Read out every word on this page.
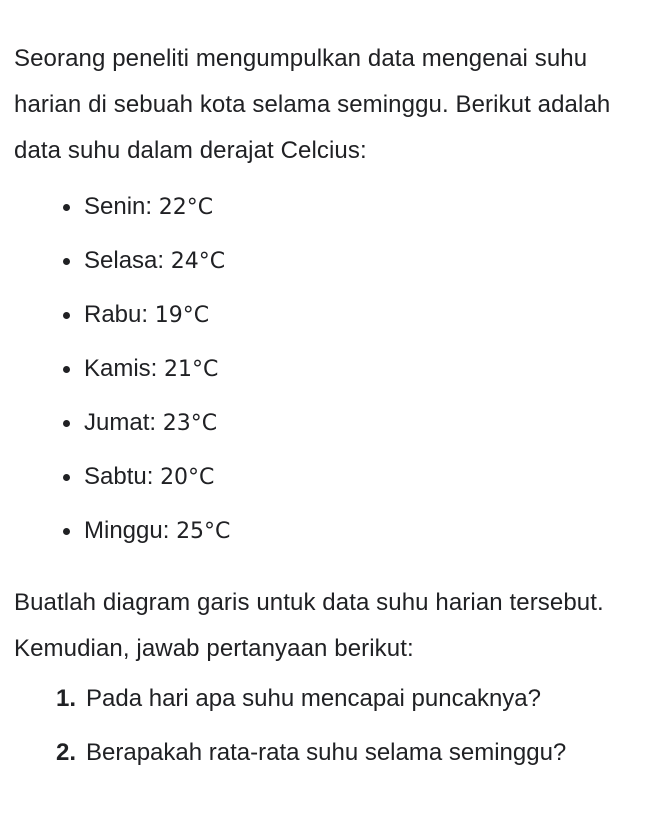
Seorang peneliti mengumpulkan data mengenai suhu harian di sebuah kota selama seminggu. Berikut adalah data suhu dalam derajat Celcius:

Senin: 22°C
Selasa: 24°C
Rabu: 19°C
Kamis: 21°C
Jumat: 23°C
Sabtu: 20°C
Minggu: 25°C

Buatlah diagram garis untuk data suhu harian tersebut. Kemudian, jawab pertanyaan berikut:

1. Pada hari apa suhu mencapai puncaknya?
2. Berapakah rata-rata suhu selama seminggu?
